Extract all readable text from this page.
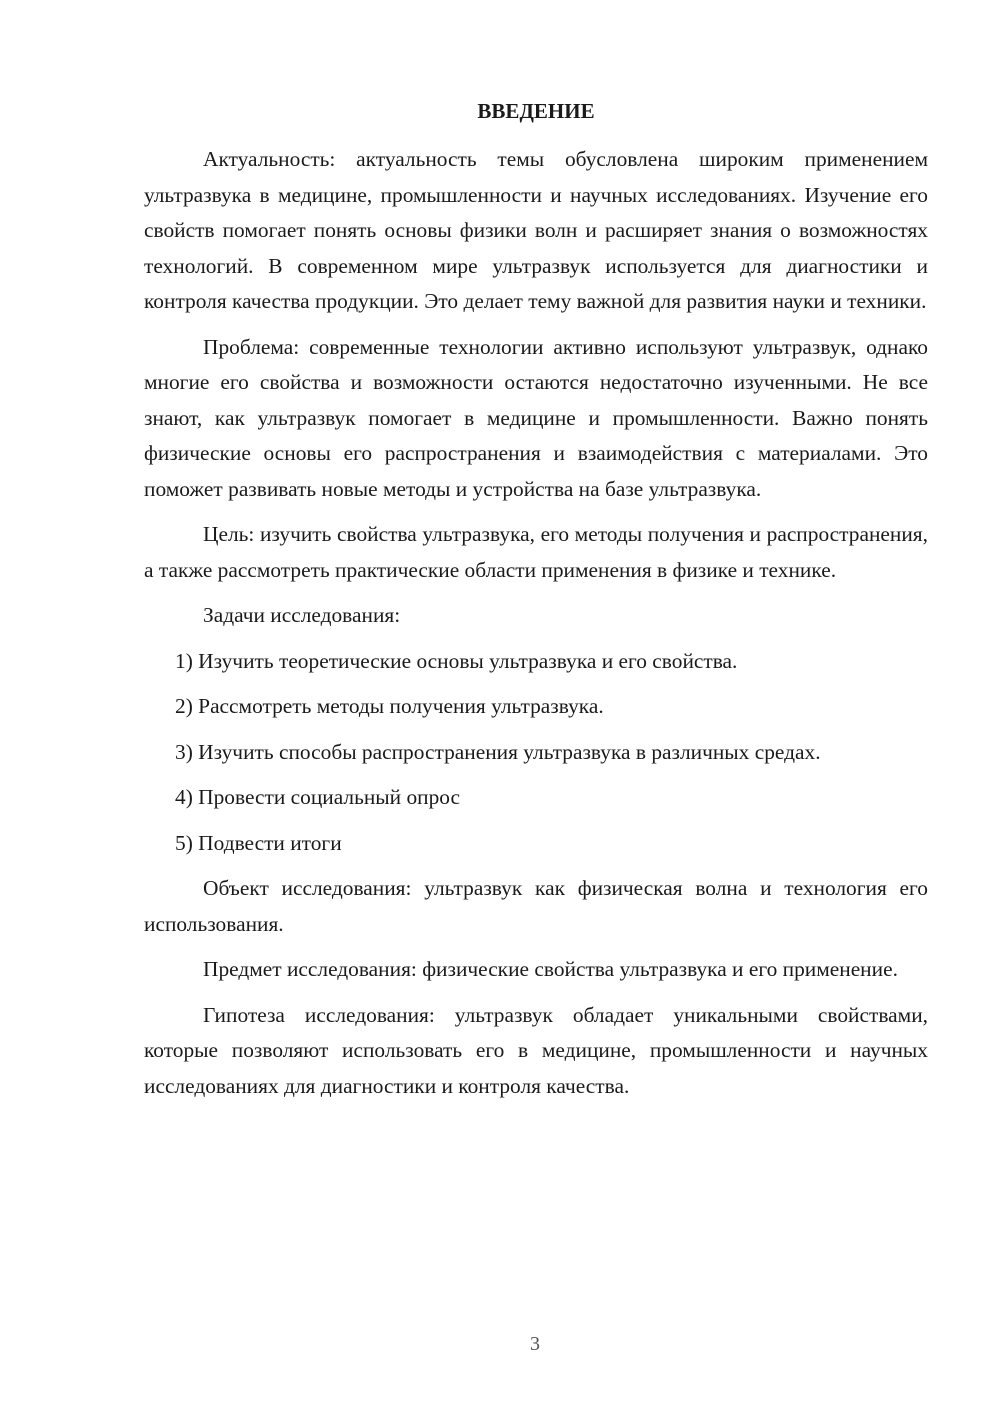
ВВЕДЕНИЕ

Актуальность: актуальность темы обусловлена широким применением ультразвука в медицине, промышленности и научных исследованиях. Изучение его свойств помогает понять основы физики волн и расширяет знания о возможностях технологий. В современном мире ультразвук используется для диагностики и контроля качества продукции. Это делает тему важной для развития науки и техники.

Проблема: современные технологии активно используют ультразвук, однако многие его свойства и возможности остаются недостаточно изученными. Не все знают, как ультразвук помогает в медицине и промышленности. Важно понять физические основы его распространения и взаимодействия с материалами. Это поможет развивать новые методы и устройства на базе ультразвука.

Цель: изучить свойства ультразвука, его методы получения и распространения, а также рассмотреть практические области применения в физике и технике.

Задачи исследования:

1) Изучить теоретические основы ультразвука и его свойства.
2) Рассмотреть методы получения ультразвука.
3) Изучить способы распространения ультразвука в различных средах.
4) Провести социальный опрос
5) Подвести итоги

Объект исследования: ультразвук как физическая волна и технология его использования.

Предмет исследования: физические свойства ультразвука и его применение.

Гипотеза исследования: ультразвук обладает уникальными свойствами, которые позволяют использовать его в медицине, промышленности и научных исследованиях для диагностики и контроля качества.

3
